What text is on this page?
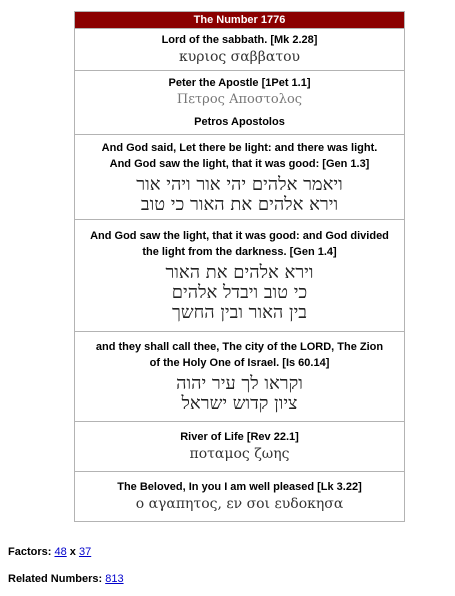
The Number 1776
Lord of the sabbath. [Mk 2.28]
κυριος σαββατου
Peter the Apostle [1Pet 1.1]
Πετρος Αποστολος
Petros Apostolos
And God said, Let there be light: and there was light.
And God saw the light, that it was good: [Gen 1.3]
ויאמר אלהים יהי אור ויהי אור
וירא אלהים את האור כי טוב
And God saw the light, that it was good: and God divided
the light from the darkness. [Gen 1.4]
וירא אלהים את האור
כי טוב ויבדל אלהים
בין האור ובין החשך
and they shall call thee, The city of the LORD, The Zion
of the Holy One of Israel. [Is 60.14]
וקראו לך עיר יהוה
ציון קדוש ישראל
River of Life [Rev 22.1]
ποταμος ζωης
The Beloved, In you I am well pleased [Lk 3.22]
ο αγαπητος, εν σοι ευδοκησα
Factors: 48 x 37
Related Numbers: 813
